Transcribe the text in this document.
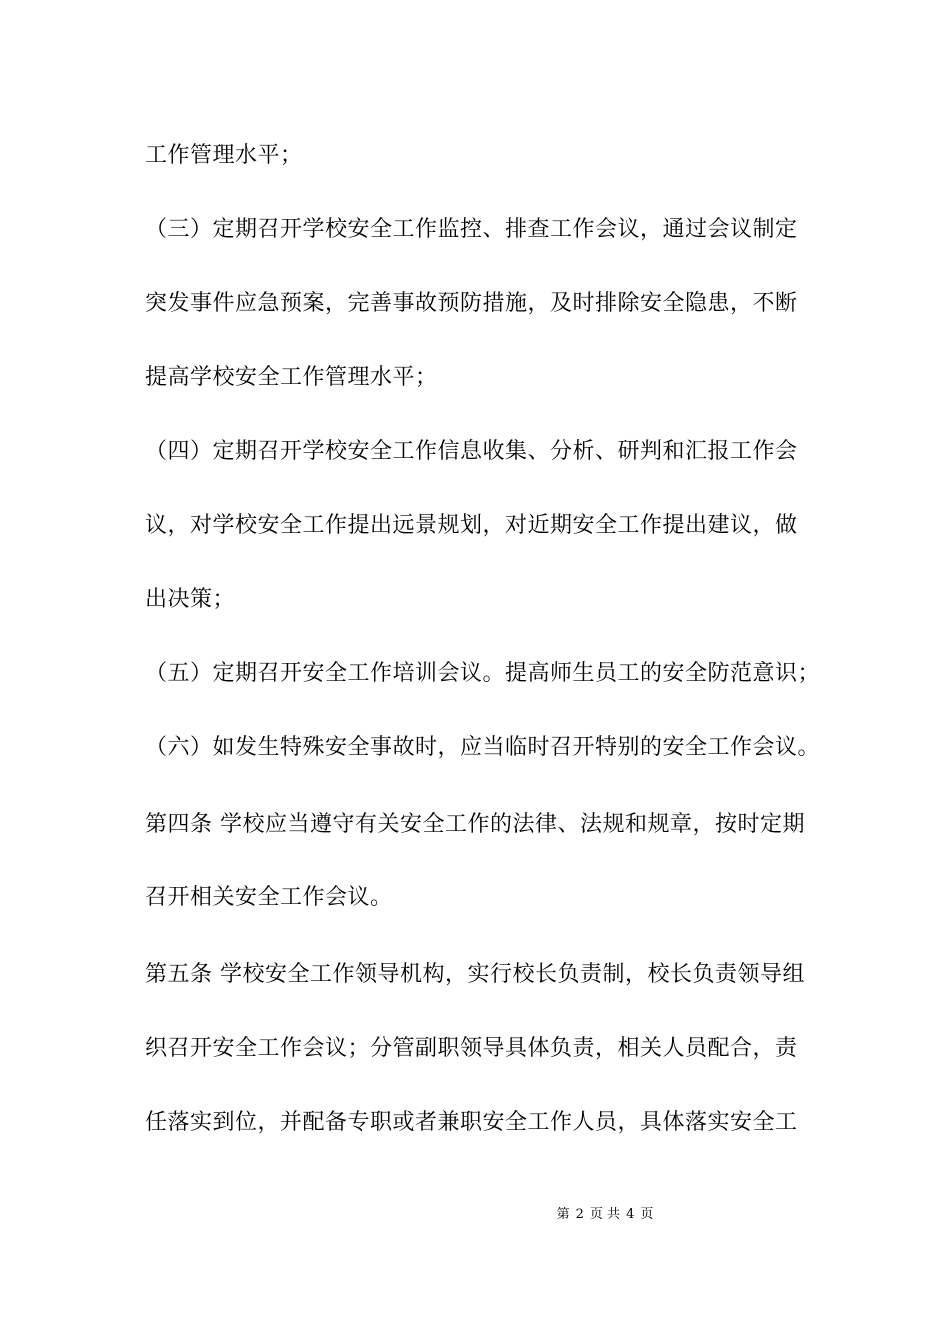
工作管理水平；
（三）定期召开学校安全工作监控、排查工作会议，通过会议制定
突发事件应急预案，完善事故预防措施，及时排除安全隐患，不断
提高学校安全工作管理水平；
（四）定期召开学校安全工作信息收集、分析、研判和汇报工作会
议，对学校安全工作提出远景规划，对近期安全工作提出建议，做
出决策；
（五）定期召开安全工作培训会议。提高师生员工的安全防范意识；
（六）如发生特殊安全事故时，应当临时召开特别的安全工作会议。
第四条 学校应当遵守有关安全工作的法律、法规和规章，按时定期
召开相关安全工作会议。
第五条 学校安全工作领导机构，实行校长负责制，校长负责领导组
织召开安全工作会议；分管副职领导具体负责，相关人员配合，责
任落实到位，并配备专职或者兼职安全工作人员，具体落实安全工
第 2 页 共 4 页
